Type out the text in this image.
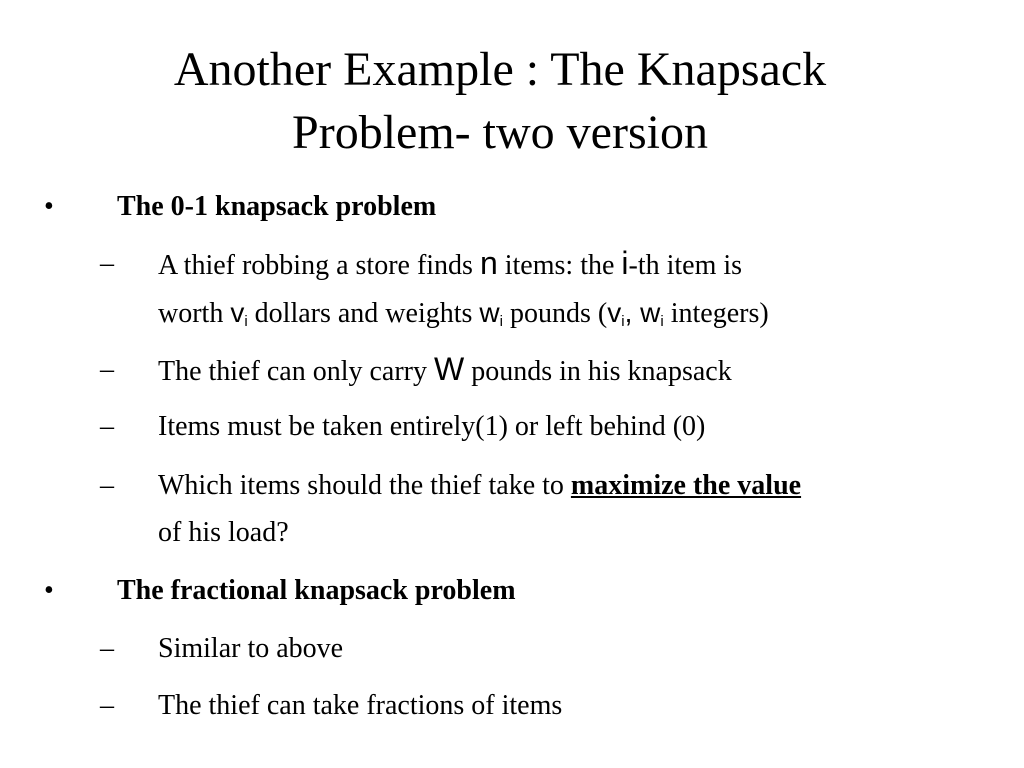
Another Example : The Knapsack
Problem- two version
• The 0-1 knapsack problem
– A thief robbing a store finds n items: the i-th item is
worth $v_i$ dollars and weights $w_i$ pounds ($v_i$, $w_i$ integers)
– The thief can only carry W pounds in his knapsack
– Items must be taken entirely(1) or left behind (0)
– Which items should the thief take to maximize the value
of his load?
• The fractional knapsack problem
– Similar to above
– The thief can take fractions of items
